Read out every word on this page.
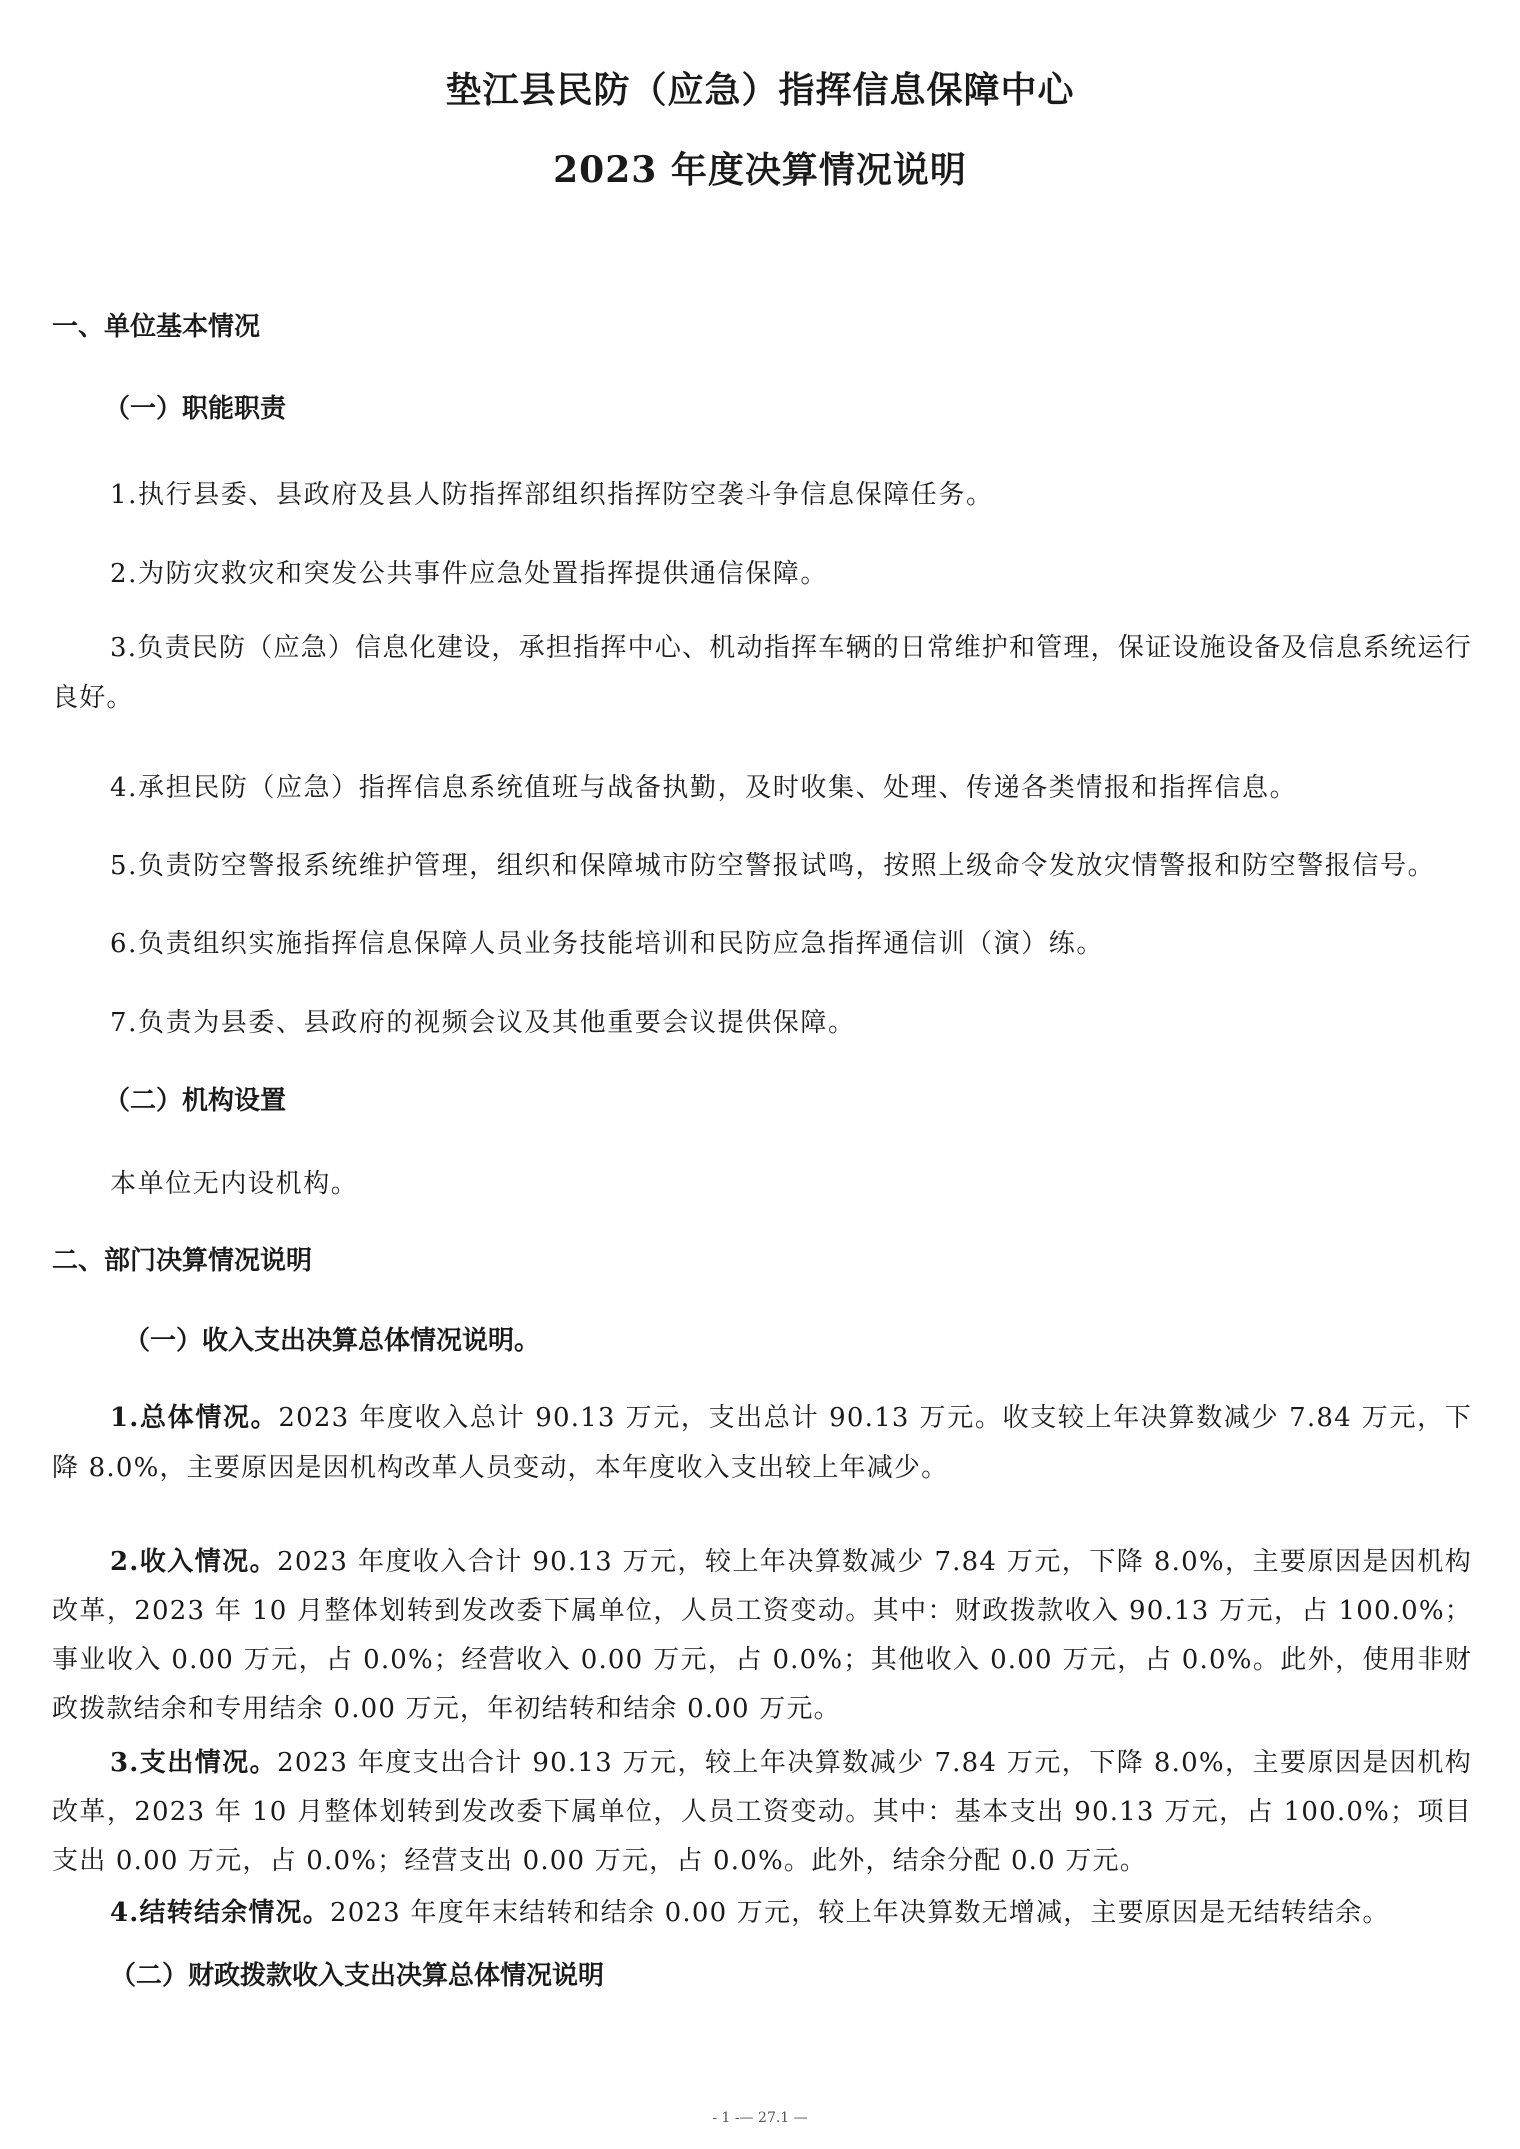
垫江县民防（应急）指挥信息保障中心
2023 年度决算情况说明
一、单位基本情况
（一）职能职责
1.执行县委、县政府及县人防指挥部组织指挥防空袭斗争信息保障任务。
2.为防灾救灾和突发公共事件应急处置指挥提供通信保障。
3.负责民防（应急）信息化建设，承担指挥中心、机动指挥车辆的日常维护和管理，保证设施设备及信息系统运行良好。
4.承担民防（应急）指挥信息系统值班与战备执勤，及时收集、处理、传递各类情报和指挥信息。
5.负责防空警报系统维护管理，组织和保障城市防空警报试鸣，按照上级命令发放灾情警报和防空警报信号。
6.负责组织实施指挥信息保障人员业务技能培训和民防应急指挥通信训（演）练。
7.负责为县委、县政府的视频会议及其他重要会议提供保障。
（二）机构设置
本单位无内设机构。
二、部门决算情况说明
（一）收入支出决算总体情况说明。
1.总体情况。2023 年度收入总计 90.13 万元，支出总计 90.13 万元。收支较上年决算数减少 7.84 万元，下降 8.0%，主要原因是因机构改革人员变动，本年度收入支出较上年减少。
2.收入情况。2023 年度收入合计 90.13 万元，较上年决算数减少 7.84 万元，下降 8.0%，主要原因是因机构改革，2023 年 10 月整体划转到发改委下属单位，人员工资变动。其中：财政拨款收入 90.13 万元，占 100.0%；事业收入 0.00 万元，占 0.0%；经营收入 0.00 万元，占 0.0%；其他收入 0.00 万元，占 0.0%。此外，使用非财政拨款结余和专用结余 0.00 万元，年初结转和结余 0.00 万元。
3.支出情况。2023 年度支出合计 90.13 万元，较上年决算数减少 7.84 万元，下降 8.0%，主要原因是因机构改革，2023 年 10 月整体划转到发改委下属单位，人员工资变动。其中：基本支出 90.13 万元，占 100.0%；项目支出 0.00 万元，占 0.0%；经营支出 0.00 万元，占 0.0%。此外，结余分配 0.0 万元。
4.结转结余情况。2023 年度年末结转和结余 0.00 万元，较上年决算数无增减，主要原因是无结转结余。
（二）财政拨款收入支出决算总体情况说明
- 1 -— 27.1 —
